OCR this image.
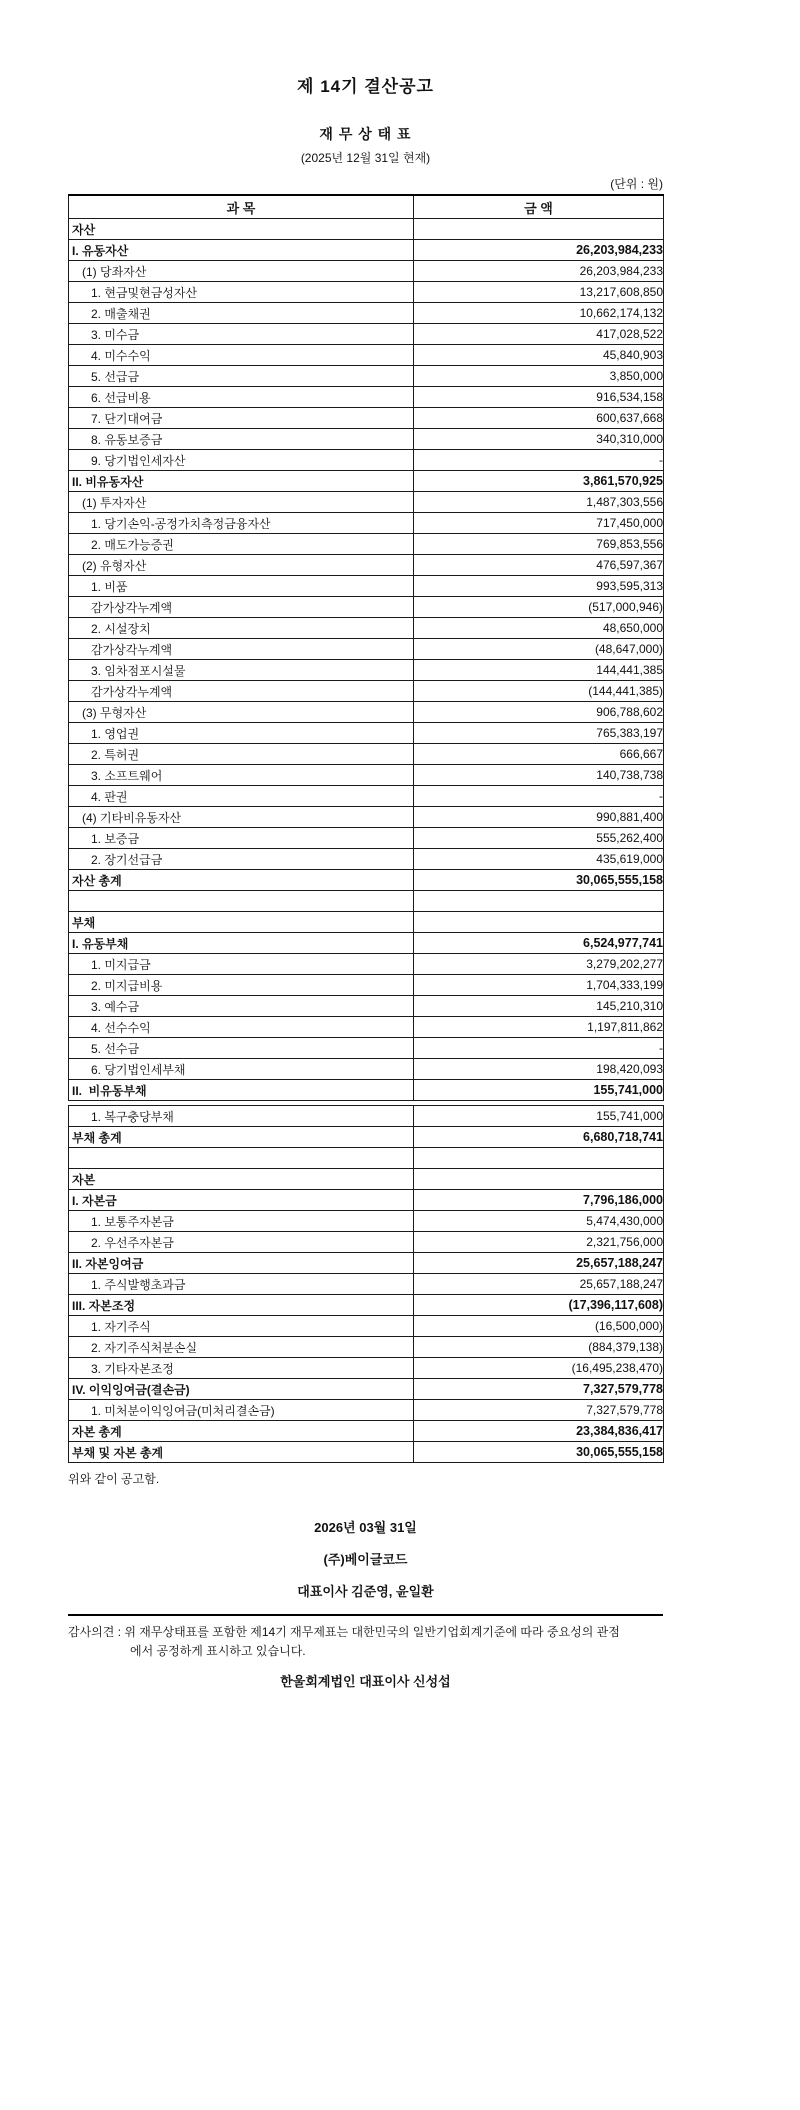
제 14기 결산공고
재 무 상 태 표
(2025년 12월 31일 현재)
(단위 : 원)
과 목	금 액
자산	
I. 유동자산	26,203,984,233
(1) 당좌자산	26,203,984,233
1. 현금및현금성자산	13,217,608,850
2. 매출채권	10,662,174,132
3. 미수금	417,028,522
4. 미수수익	45,840,903
5. 선급금	3,850,000
6. 선급비용	916,534,158
7. 단기대여금	600,637,668
8. 유동보증금	340,310,000
9. 당기법인세자산	-
II. 비유동자산	3,861,570,925
(1) 투자자산	1,487,303,556
1. 당기손익-공정가치측정금융자산	717,450,000
2. 매도가능증권	769,853,556
(2) 유형자산	476,597,367
1. 비품	993,595,313
감가상각누계액	(517,000,946)
2. 시설장치	48,650,000
감가상각누계액	(48,647,000)
3. 임차점포시설물	144,441,385
감가상각누계액	(144,441,385)
(3) 무형자산	906,788,602
1. 영업권	765,383,197
2. 특허권	666,667
3. 소프트웨어	140,738,738
4. 판권	-
(4) 기타비유동자산	990,881,400
1. 보증금	555,262,400
2. 장기선급금	435,619,000
자산 총계	30,065,555,158

부채	
I. 유동부채	6,524,977,741
1. 미지급금	3,279,202,277
2. 미지급비용	1,704,333,199
3. 예수금	145,210,310
4. 선수수익	1,197,811,862
5. 선수금	-
6. 당기법인세부채	198,420,093
II.  비유동부채	155,741,000

1. 복구충당부채	155,741,000
부채 총계	6,680,718,741

자본	
I. 자본금	7,796,186,000
1. 보통주자본금	5,474,430,000
2. 우선주자본금	2,321,756,000
II. 자본잉여금	25,657,188,247
1. 주식발행초과금	25,657,188,247
III. 자본조정	(17,396,117,608)
1. 자기주식	(16,500,000)
2. 자기주식처분손실	(884,379,138)
3. 기타자본조정	(16,495,238,470)
IV. 이익잉여금(결손금)	7,327,579,778
1. 미처분이익잉여금(미처리결손금)	7,327,579,778
자본 총계	23,384,836,417
부채 및 자본 총계	30,065,555,158
위와 같이 공고함.
2026년 03월 31일
(주)베이글코드
대표이사 김준영, 윤일환
감사의견 : 위 재무상태표를 포함한 제14기 재무제표는 대한민국의 일반기업회계기준에 따라 중요성의 관점
에서 공정하게 표시하고 있습니다.
한울회계법인 대표이사 신성섭
